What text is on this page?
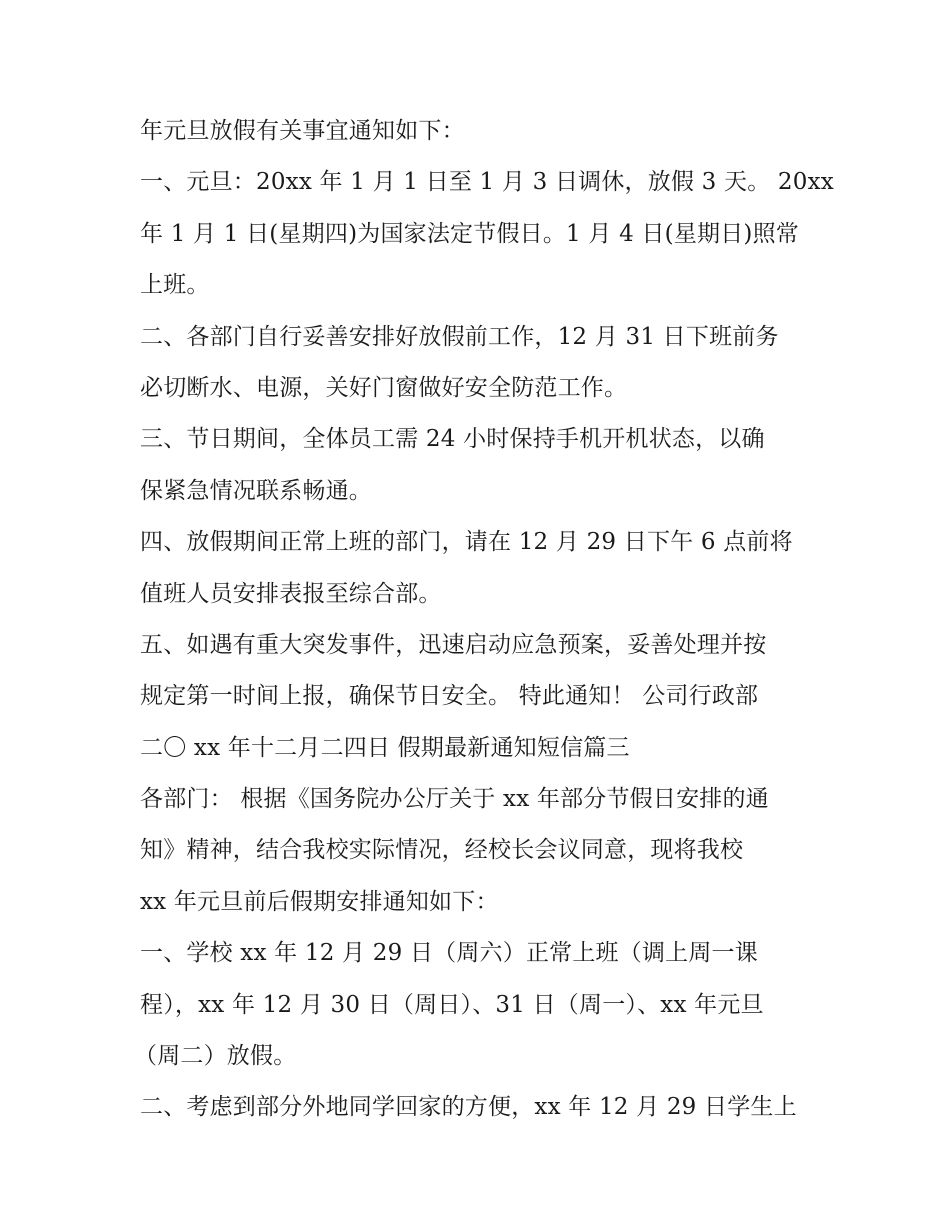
年元旦放假有关事宜通知如下：
一、元旦：20xx 年 1 月 1 日至 1 月 3 日调休，放假 3 天。 20xx
年 1 月 1 日(星期四)为国家法定节假日。1 月 4 日(星期日)照常
上班。
二、各部门自行妥善安排好放假前工作，12 月 31 日下班前务
必切断水、电源，关好门窗做好安全防范工作。
三、节日期间，全体员工需 24 小时保持手机开机状态，以确
保紧急情况联系畅通。
四、放假期间正常上班的部门，请在 12 月 29 日下午 6 点前将
值班人员安排表报至综合部。
五、如遇有重大突发事件，迅速启动应急预案，妥善处理并按
规定第一时间上报，确保节日安全。 特此通知！ 公司行政部
二〇 xx 年十二月二四日 假期最新通知短信篇三
各部门： 根据《国务院办公厅关于 xx 年部分节假日安排的通
知》精神，结合我校实际情况，经校长会议同意，现将我校
xx 年元旦前后假期安排通知如下：
一、学校 xx 年 12 月 29 日（周六）正常上班（调上周一课
程），xx 年 12 月 30 日（周日）、31 日（周一）、xx 年元旦
（周二）放假。
二、考虑到部分外地同学回家的方便，xx 年 12 月 29 日学生上
